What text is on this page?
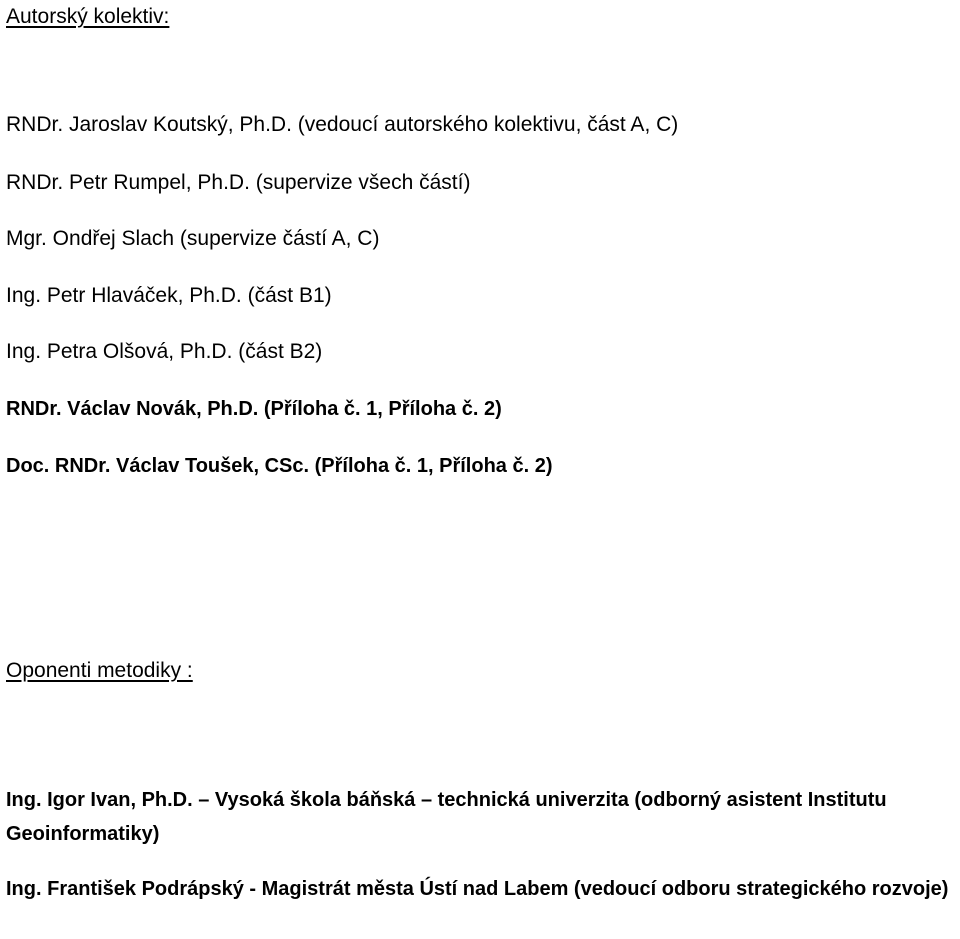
Autorský kolektiv:

RNDr. Jaroslav Koutský, Ph.D. (vedoucí autorského kolektivu, část A, C)

RNDr. Petr Rumpel, Ph.D. (supervize všech částí)

Mgr. Ondřej Slach (supervize částí A, C)

Ing. Petr Hlaváček, Ph.D. (část B1)

Ing. Petra Olšová, Ph.D. (část B2)

RNDr. Václav Novák, Ph.D. (Příloha č. 1, Příloha č. 2)

Doc. RNDr. Václav Toušek, CSc. (Příloha č. 1, Příloha č. 2)

Oponenti metodiky :

Ing. Igor Ivan, Ph.D. – Vysoká škola báňská – technická univerzita (odborný asistent Institutu Geoinformatiky)

Ing. František Podrápský - Magistrát města Ústí nad Labem (vedoucí odboru strategického rozvoje)
